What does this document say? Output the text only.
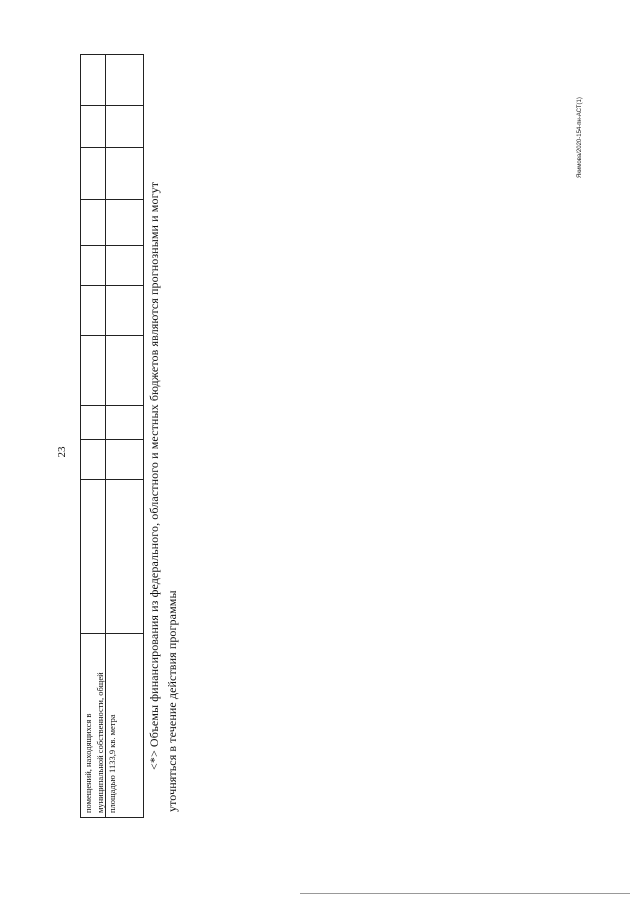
23
помещений, находящихся в муниципальной собственности, общей площадью 1133,9 кв. метра	<*> Объемы финансирования из федерального, областного и местных бюджетов являются прогнозными и могут уточняться в течение действия программы
Якимова/2020-154-пн-АСТ(1)
